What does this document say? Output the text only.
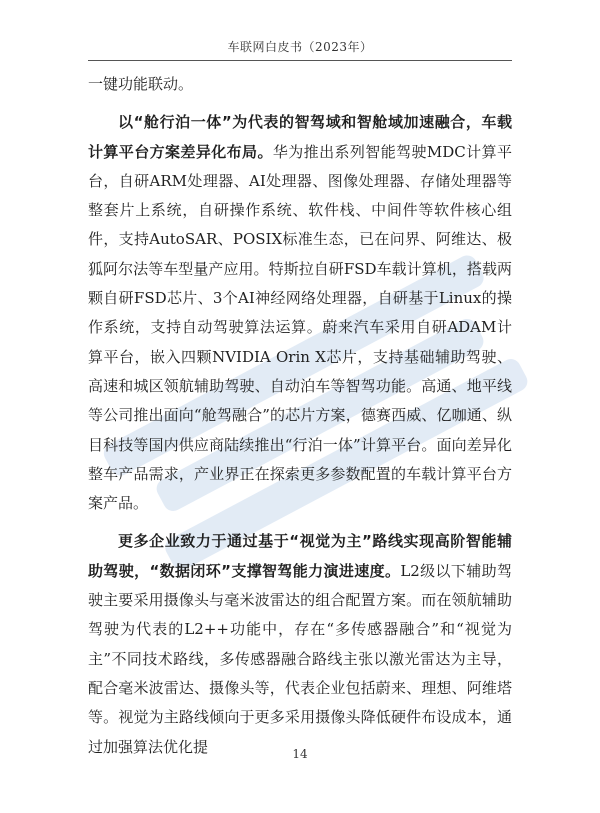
车联网白皮书（2023年）

一键功能联动。

以“舱行泊一体”为代表的智驾域和智舱域加速融合，车载计算平台方案差异化布局。华为推出系列智能驾驶MDC计算平台，自研ARM处理器、AI处理器、图像处理器、存储处理器等整套片上系统，自研操作系统、软件栈、中间件等软件核心组件，支持AutoSAR、POSIX标准生态，已在问界、阿维达、极狐阿尔法等车型量产应用。特斯拉自研FSD车载计算机，搭载两颗自研FSD芯片、3个AI神经网络处理器，自研基于Linux的操作系统，支持自动驾驶算法运算。蔚来汽车采用自研ADAM计算平台，嵌入四颗NVIDIA Orin X芯片，支持基础辅助驾驶、高速和城区领航辅助驾驶、自动泊车等智驾功能。高通、地平线等公司推出面向“舱驾融合”的芯片方案，德赛西威、亿咖通、纵目科技等国内供应商陆续推出“行泊一体”计算平台。面向差异化整车产品需求，产业界正在探索更多参数配置的车载计算平台方案产品。

更多企业致力于通过基于“视觉为主”路线实现高阶智能辅助驾驶，“数据闭环”支撑智驾能力演进速度。L2级以下辅助驾驶主要采用摄像头与毫米波雷达的组合配置方案。而在领航辅助驾驶为代表的L2++功能中，存在“多传感器融合”和“视觉为主”不同技术路线，多传感器融合路线主张以激光雷达为主导，配合毫米波雷达、摄像头等，代表企业包括蔚来、理想、阿维塔等。视觉为主路线倾向于更多采用摄像头降低硬件布设成本，通过加强算法优化提	14
